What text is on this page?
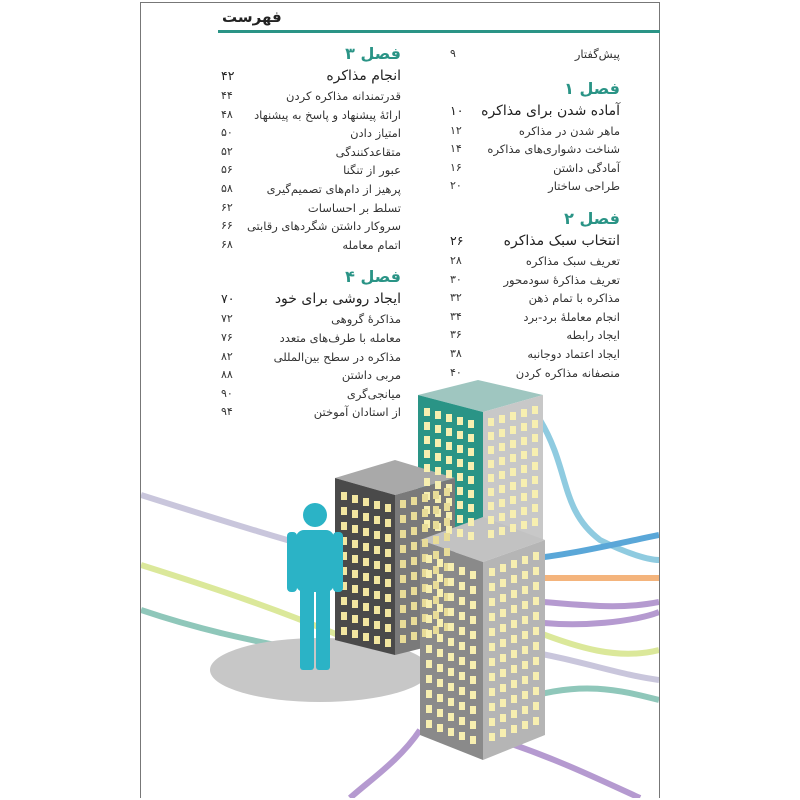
فهرست
پیش‌گفتار
۹
فصل ۱
آماده شدن برای مذاکره
۱۰
ماهر شدن در مذاکره
۱۲
شناخت دشواری‌های مذاکره
۱۴
آمادگی داشتن
۱۶
طراحی ساختار
۲۰
فصل ۲
انتخاب سبک مذاکره
۲۶
تعریف سبک مذاکره
۲۸
تعریف مذاکرهٔ سودمحور
۳۰
مذاکره با تمام ذهن
۳۲
انجام معاملهٔ برد-برد
۳۴
ایجاد رابطه
۳۶
ایجاد اعتماد دوجانبه
۳۸
منصفانه مذاکره کردن
۴۰
فصل ۳
انجام مذاکره
۴۲
قدرتمندانه مذاکره کردن
۴۴
ارائهٔ پیشنهاد و پاسخ به پیشنهاد
۴۸
امتیاز دادن
۵۰
متقاعدکنندگی
۵۲
عبور از تنگنا
۵۶
پرهیز از دام‌های تصمیم‌گیری
۵۸
تسلط بر احساسات
۶۲
سروکار داشتن شگردهای رقابتی
۶۶
اتمام معامله
۶۸
فصل ۴
ایجاد روشی برای خود
۷۰
مذاکرهٔ گروهی
۷۲
معامله با طرف‌های متعدد
۷۶
مذاکره در سطح بین‌المللی
۸۲
مربی داشتن
۸۸
میانجی‌گری
۹۰
از استادان آموختن
۹۴
